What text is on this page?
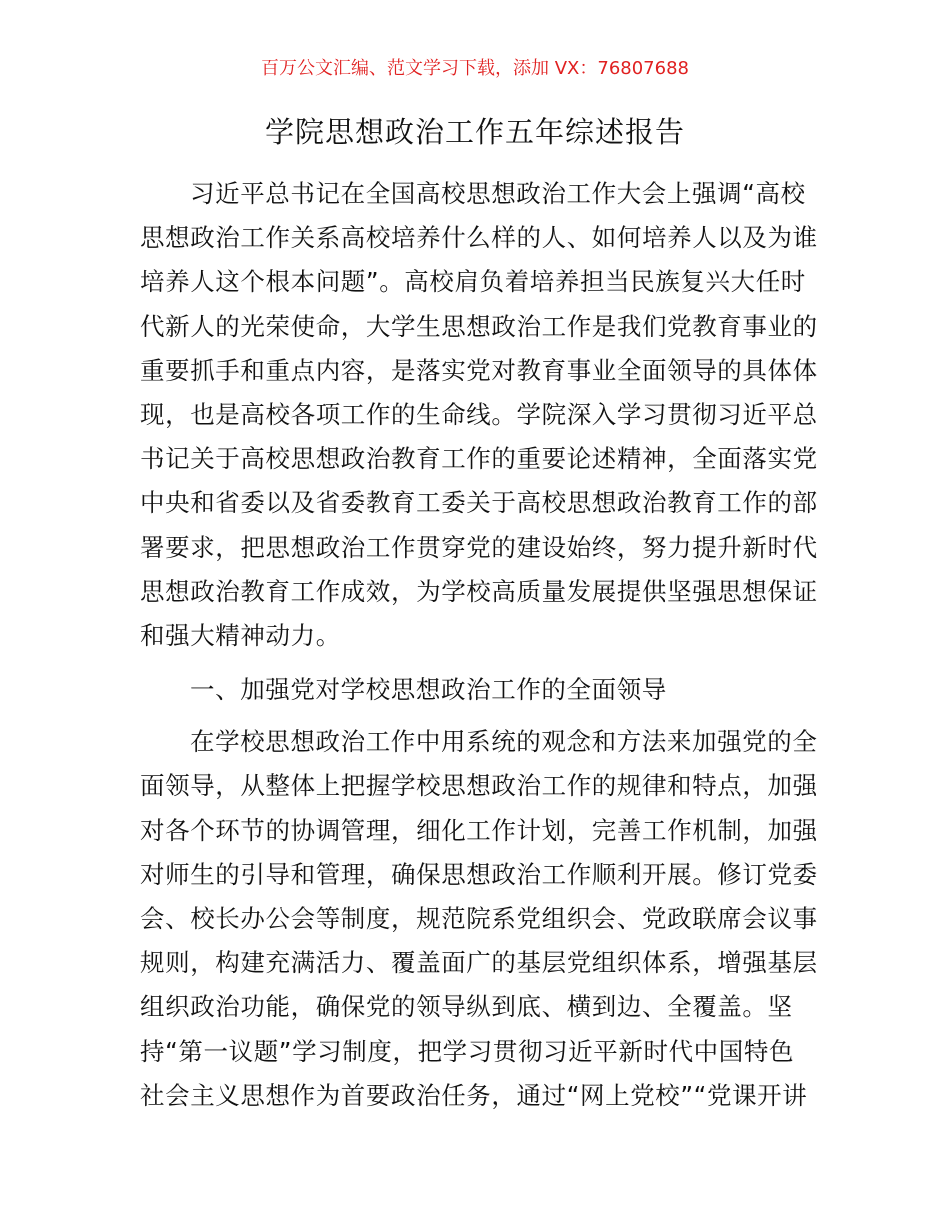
百万公文汇编、范文学习下载，添加 VX：76807688
学院思想政治工作五年综述报告
习近平总书记在全国高校思想政治工作大会上强调“高校
思想政治工作关系高校培养什么样的人、如何培养人以及为谁
培养人这个根本问题”。高校肩负着培养担当民族复兴大任时
代新人的光荣使命，大学生思想政治工作是我们党教育事业的
重要抓手和重点内容，是落实党对教育事业全面领导的具体体
现，也是高校各项工作的生命线。学院深入学习贯彻习近平总
书记关于高校思想政治教育工作的重要论述精神，全面落实党
中央和省委以及省委教育工委关于高校思想政治教育工作的部
署要求，把思想政治工作贯穿党的建设始终，努力提升新时代
思想政治教育工作成效，为学校高质量发展提供坚强思想保证
和强大精神动力。
一、加强党对学校思想政治工作的全面领导
在学校思想政治工作中用系统的观念和方法来加强党的全
面领导，从整体上把握学校思想政治工作的规律和特点，加强
对各个环节的协调管理，细化工作计划，完善工作机制，加强
对师生的引导和管理，确保思想政治工作顺利开展。修订党委
会、校长办公会等制度，规范院系党组织会、党政联席会议事
规则，构建充满活力、覆盖面广的基层党组织体系，增强基层
组织政治功能，确保党的领导纵到底、横到边、全覆盖。坚
持“第一议题”学习制度，把学习贯彻习近平新时代中国特色
社会主义思想作为首要政治任务，通过“网上党校”“党课开讲
